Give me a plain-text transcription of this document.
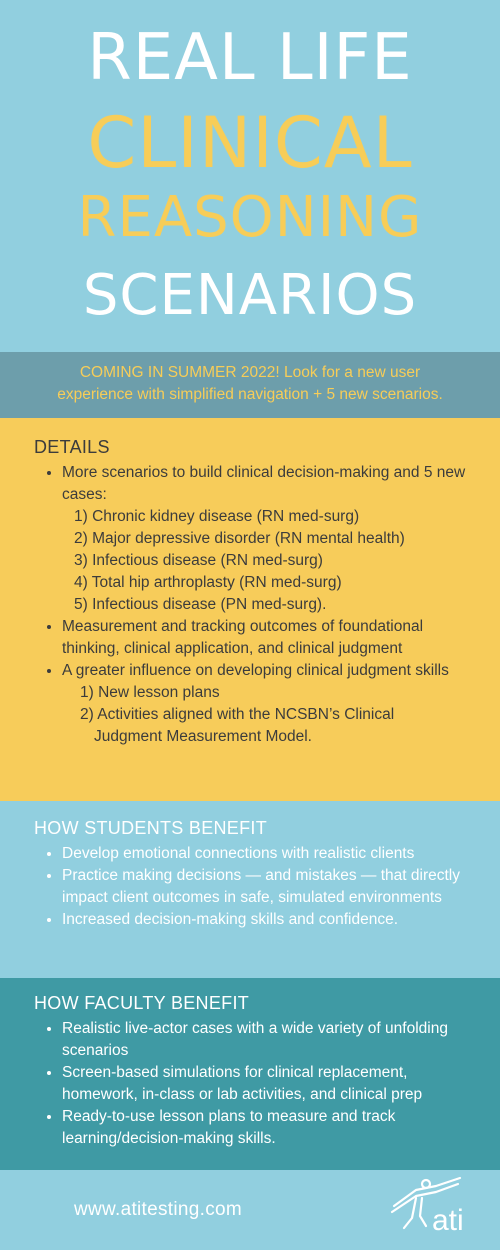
REAL LIFE
CLINICAL
REASONING
SCENARIOS
COMING IN SUMMER 2022! Look for a new user
experience with simplified navigation + 5 new scenarios.
DETAILS
• More scenarios to build clinical decision-making and 5 new cases:
1) Chronic kidney disease (RN med-surg)
2) Major depressive disorder (RN mental health)
3) Infectious disease (RN med-surg)
4) Total hip arthroplasty (RN med-surg)
5) Infectious disease (PN med-surg).
• Measurement and tracking outcomes of foundational thinking, clinical application, and clinical judgment
• A greater influence on developing clinical judgment skills
1) New lesson plans
2) Activities aligned with the NCSBN’s Clinical
Judgment Measurement Model.
HOW STUDENTS BENEFIT
• Develop emotional connections with realistic clients
• Practice making decisions — and mistakes — that directly impact client outcomes in safe, simulated environments
• Increased decision-making skills and confidence.
HOW FACULTY BENEFIT
• Realistic live-actor cases with a wide variety of unfolding scenarios
• Screen-based simulations for clinical replacement, homework, in-class or lab activities, and clinical prep
• Ready-to-use lesson plans to measure and track learning/decision-making skills.
www.atitesting.com	ati
